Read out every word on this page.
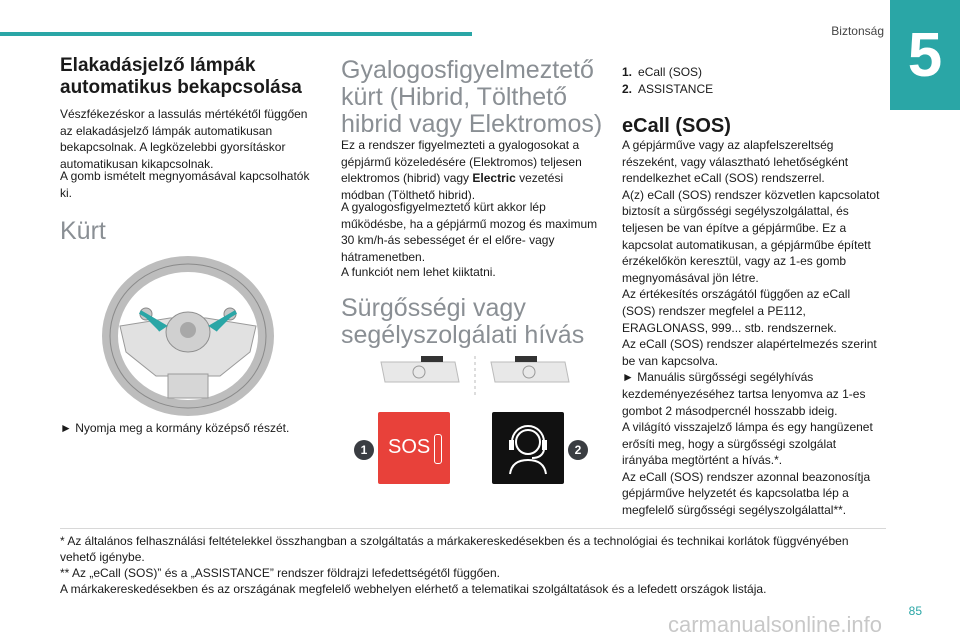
Biztonság 5
Elakadásjelző lámpák automatikus bekapcsolása

Vészfékezéskor a lassulás mértékétől függően az elakadásjelző lámpák automatikusan bekapcsolnak. A legközelebbi gyorsításkor automatikusan kikapcsolnak.

A gomb ismételt megnyomásával kapcsolhatók ki.

Kürt

► Nyomja meg a kormány középső részét.

Gyalogosfigyelmeztető kürt (Hibrid, Tölthető hibrid vagy Elektromos)

Ez a rendszer figyelmezteti a gyalogosokat a gépjármű közeledésére (Elektromos) teljesen elektromos (hibrid) vagy Electric vezetési módban (Tölthető hibrid).

A gyalogosfigyelmeztető kürt akkor lép működésbe, ha a gépjármű mozog és maximum 30 km/h-ás sebességet ér el előre- vagy hátramenetben.

A funkciót nem lehet kiiktatni.

Sürgősségi vagy segélyszolgálati hívás
1	SOS	2
1. eCall (SOS)
2. ASSISTANCE
eCall (SOS)

A gépjárműve vagy az alapfelszereltség részeként, vagy választható lehetőségként rendelkezhet eCall (SOS) rendszerrel.

A(z) eCall (SOS) rendszer közvetlen kapcsolatot biztosít a sürgősségi segélyszolgálattal, és teljesen be van építve a gépjárműbe. Ez a kapcsolat automatikusan, a gépjárműbe épített érzékelőkön keresztül, vagy az 1-es gomb megnyomásával jön létre.

Az értékesítés országától függően az eCall (SOS) rendszer megfelel a PE112, ERAGLONASS, 999... stb. rendszernek.

Az eCall (SOS) rendszer alapértelmezés szerint be van kapcsolva.

► Manuális sürgősségi segélyhívás kezdeményezéséhez tartsa lenyomva az 1-es gombot 2 másodpercnél hosszabb ideig.

A világító visszajelző lámpa és egy hangüzenet erősíti meg, hogy a sürgősségi szolgálat irányába megtörtént a hívás.*.

Az eCall (SOS) rendszer azonnal beazonosítja gépjárműve helyzetét és kapcsolatba lép a megfelelő sürgősségi segélyszolgálattal**.

* Az általános felhasználási feltételekkel összhangban a szolgáltatás a márkakereskedésekben és a technológiai és technikai korlátok függvényében vehető igénybe.

** Az „eCall (SOS)” és a „ASSISTANCE” rendszer földrajzi lefedettségétől függően.

A márkakereskedésekben és az országának megfelelő webhelyen elérhető a telematikai szolgáltatások és a lefedett országok listája.

carmanualsonline.info
85
